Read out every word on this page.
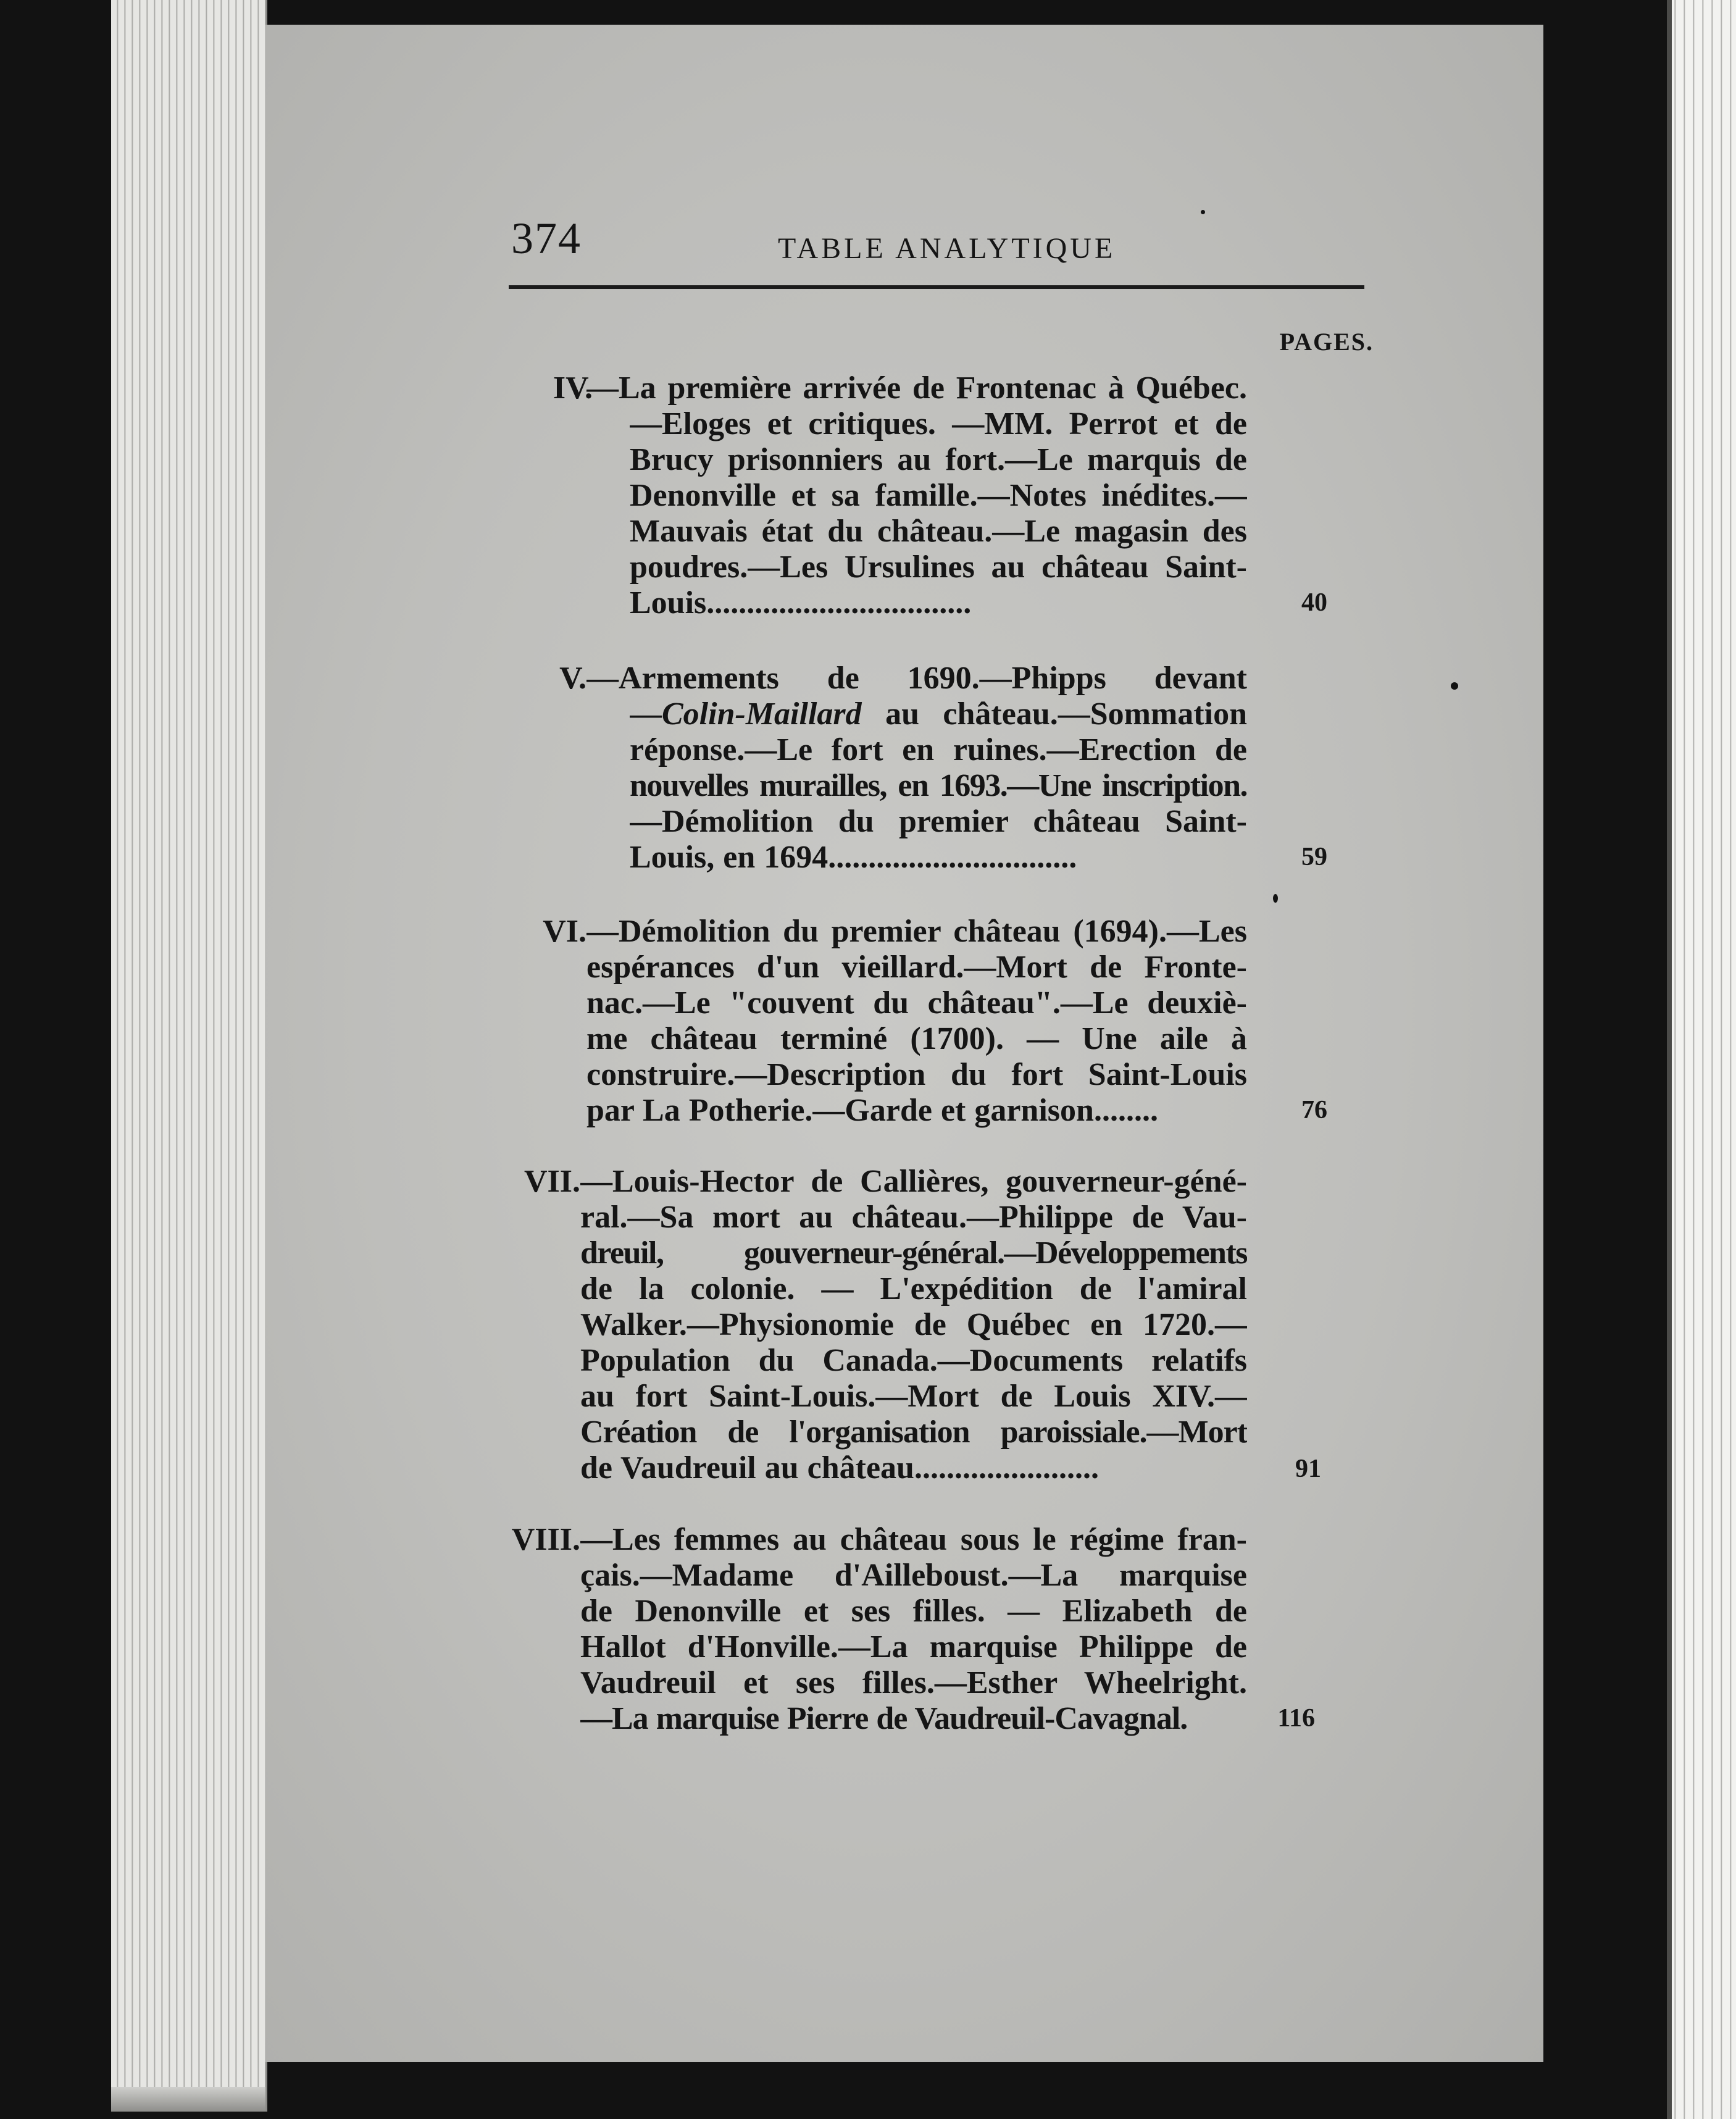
374	TABLE ANALYTIQUE
PAGES.
IV.
—La première arrivée de Frontenac à Québec.
—Eloges et critiques. —MM. Perrot et de
Brucy prisonniers au fort.—Le marquis de
Denonville et sa famille.—Notes inédites.—
Mauvais état du château.—Le magasin des
poudres.—Les Ursulines au château Saint-
Louis.................................	40
V. —Armements de 1690.—Phipps devant
—Colin-Maillard au château.—Sommation
réponse.—Le fort en ruines.—Erection de
nouvelles murailles, en 1693.—Une inscription.
—Démolition du premier château Saint-
Louis, en 1694...............................	59
VI. —Démolition du premier château (1694).—Les
espérances d'un vieillard.—Mort de Fronte-
nac.—Le "couvent du château".—Le deuxiè-
me château terminé (1700). — Une aile à
construire.—Description du fort Saint-Louis
par La Potherie.—Garde et garnison........	76
VII. —Louis-Hector de Callières, gouverneur-géné-
ral.—Sa mort au château.—Philippe de Vau-
dreuil, gouverneur-général.—Développements
de la colonie. — L'expédition de l'amiral
Walker.—Physionomie de Québec en 1720.—
Population du Canada.—Documents relatifs
au fort Saint-Louis.—Mort de Louis XIV.—
Création de l'organisation paroissiale.—Mort
de Vaudreuil au château.......................	91
VIII. —Les femmes au château sous le régime fran-
çais.—Madame d'Ailleboust.—La marquise
de Denonville et ses filles. — Elizabeth de
Hallot d'Honville.—La marquise Philippe de
Vaudreuil et ses filles.—Esther Wheelright.
—La marquise Pierre de Vaudreuil-Cavagnal.	116
